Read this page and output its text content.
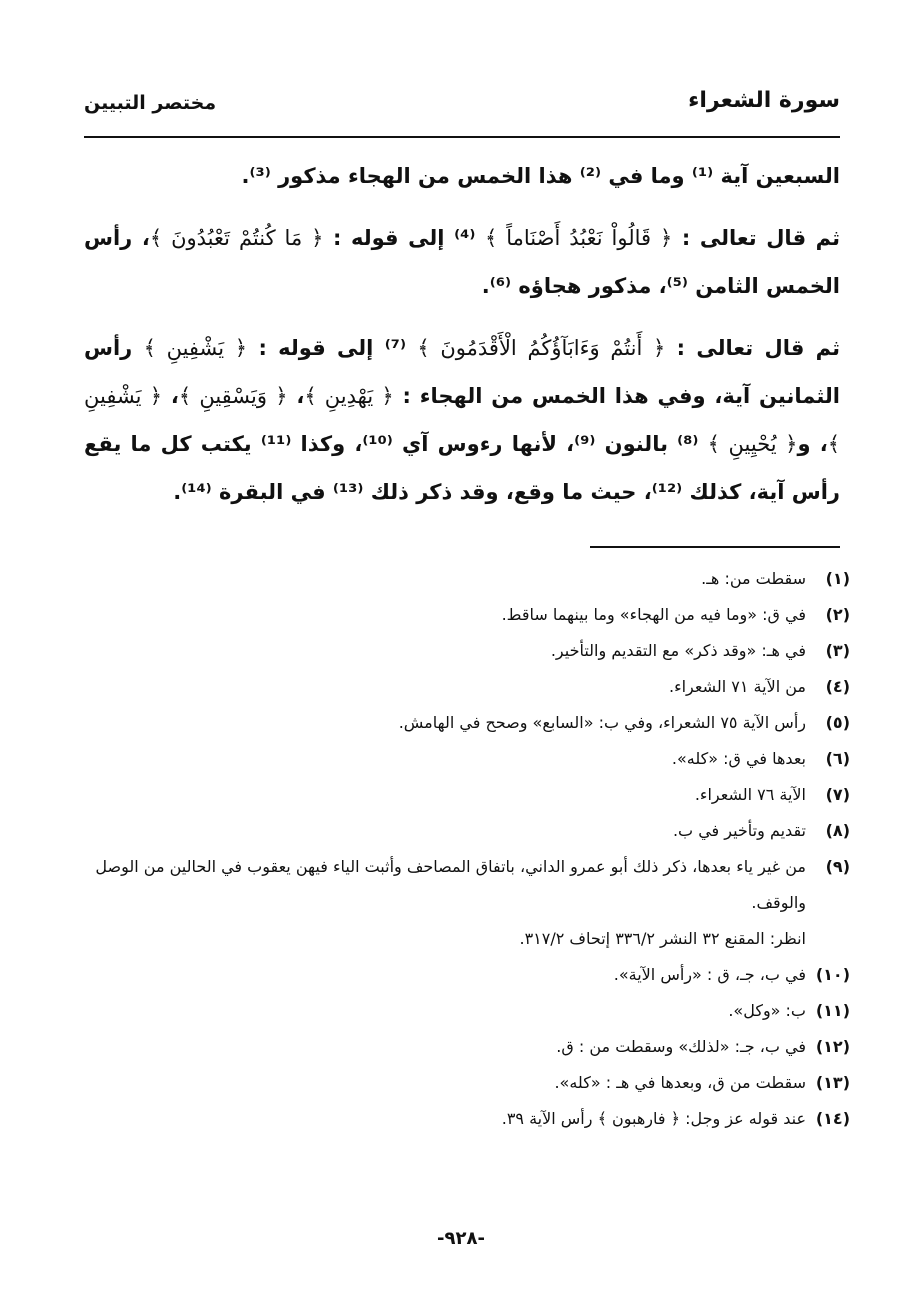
سورة الشعراء
مختصر التبيين

السبعين آية ⁽¹⁾ وما في ⁽²⁾ هذا الخمس من الهجاء مذكور ⁽³⁾.

ثم قال تعالى : ﴿ قَالُواْ نَعْبُدُ أَصْنَاماً ﴾ ⁽⁴⁾ إلى قوله : ﴿ مَا كُنتُمْ تَعْبُدُونَ ﴾، رأس الخمس الثامن ⁽⁵⁾، مذكور هجاؤه ⁽⁶⁾.

ثم قال تعالى : ﴿ أَنتُمْ وَءَابَآؤُكُمُ الْأَقْدَمُونَ ﴾ ⁽⁷⁾ إلى قوله : ﴿ يَشْفِينِ ﴾ رأس الثمانين آية، وفي هذا الخمس من الهجاء : ﴿ يَهْدِينِ ﴾، ﴿ وَيَسْقِينِ ﴾، ﴿ يَشْفِينِ ﴾، و﴿ يُحْيِينِ ﴾ ⁽⁸⁾ بالنون ⁽⁹⁾، لأنها رءوس آي ⁽¹⁰⁾، وكذا ⁽¹¹⁾ يكتب كل ما يقع رأس آية، كذلك ⁽¹²⁾، حيث ما وقع، وقد ذكر ذلك ⁽¹³⁾ في البقرة ⁽¹⁴⁾.

(١)
سقطت من: هـ.
(٢)
في ق: «وما فيه من الهجاء» وما بينهما ساقط.
(٣)
في هـ: «وقد ذكر» مع التقديم والتأخير.
(٤)
من الآية ٧١ الشعراء.
(٥)
رأس الآية ٧٥ الشعراء، وفي ب: «السابع» وصحح في الهامش.
(٦)
بعدها في ق: «كله».
(٧)
الآية ٧٦ الشعراء.
(٨)
تقديم وتأخير في ب.
(٩)
من غير ياء بعدها، ذكر ذلك أبو عمرو الداني، باتفاق المصاحف وأثبت الياء فيهن يعقوب في الحالين من الوصل والوقف.
انظر: المقنع ٣٢ النشر ٣٣٦/٢ إتحاف ٣١٧/٢.
(١٠)
في ب، جـ، ق : «رأس الآية».
(١١)
ب: «وكل».
(١٢)
في ب، جـ: «لذلك» وسقطت من : ق.
(١٣)
سقطت من ق، وبعدها في هـ : «كله».
(١٤)
عند قوله عز وجل: ﴿ فارهبون ﴾ رأس الآية ٣٩.
-٩٢٨-
